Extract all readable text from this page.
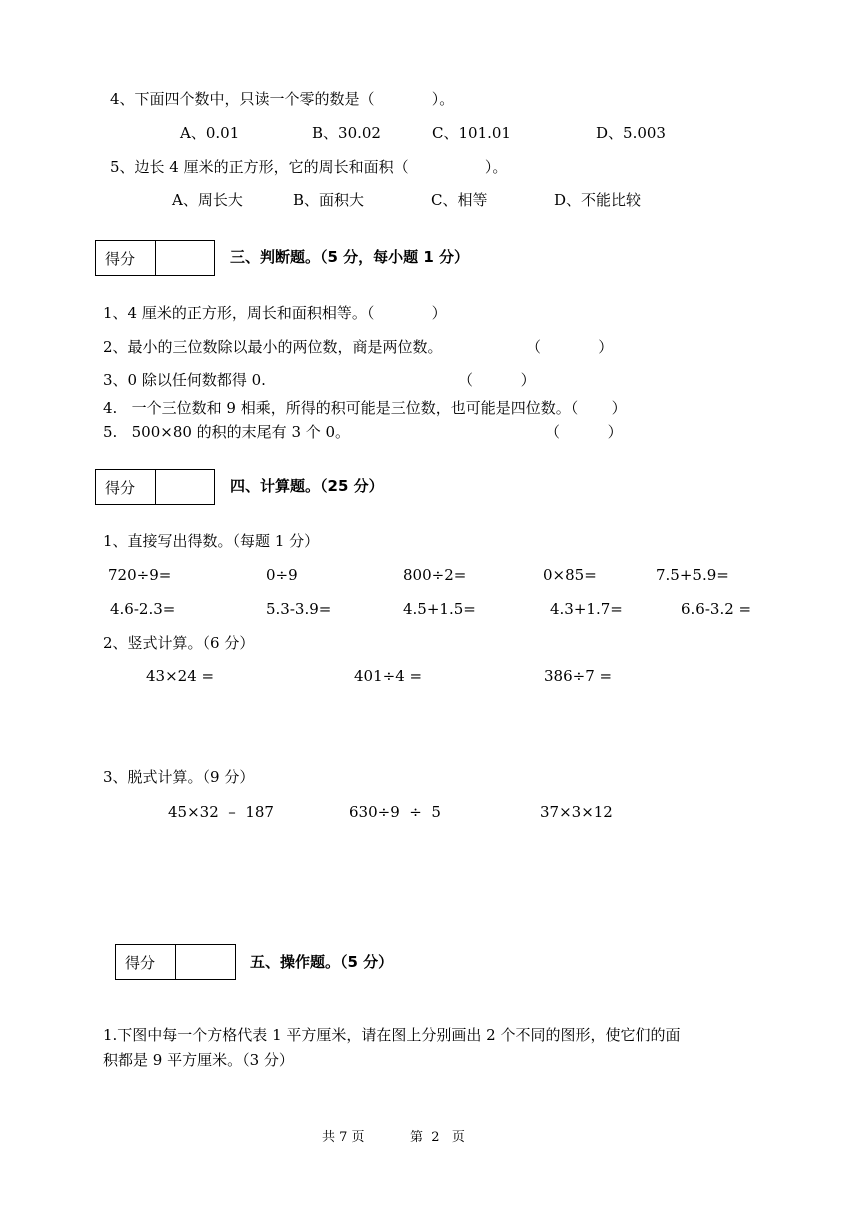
4、下面四个数中，只读一个零的数是（            ）。
A、0.01	B、30.02	C、101.01	D、5.003
5、边长 4 厘米的正方形，它的周长和面积（                ）。
A、周长大	B、面积大	C、相等	D、不能比较
得分	三、判断题。（5 分，每小题 1 分）
1、4 厘米的正方形，周长和面积相等。（            ）
2、最小的三位数除以最小的两位数，商是两位数。	（            ）
3、0 除以任何数都得 0.	（          ）
4.   一个三位数和 9 相乘，所得的积可能是三位数，也可能是四位数。（       ）
5.   500×80 的积的末尾有 3 个 0。	（          ）
得分	四、计算题。（25 分）
1、直接写出得数。（每题 1 分）
720÷9=	0÷9	800÷2=	0×85=	7.5+5.9=
4.6-2.3=	5.3-3.9=	4.5+1.5=	4.3+1.7=	6.6-3.2 =
2、竖式计算。（6 分）
43×24 =	401÷4 =	386÷7 =
3、脱式计算。（9 分）
45×32  –  187	630÷9  ÷  5	37×3×12
得分	五、操作题。（5 分）
1.下图中每一个方格代表 1 平方厘米，请在图上分别画出 2 个不同的图形，使它们的面
积都是 9 平方厘米。（3 分）
共 7 页	第  2   页
